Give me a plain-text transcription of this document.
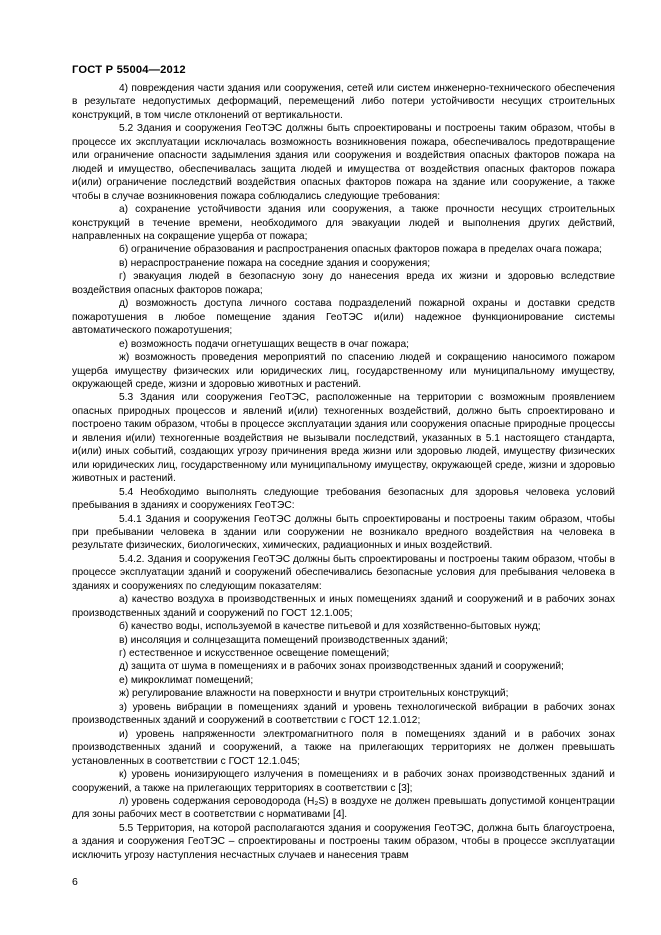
ГОСТ Р 55004—2012

4) повреждения части здания или сооружения, сетей или систем инженерно-технического обеспечения в результате недопустимых деформаций, перемещений либо потери устойчивости несущих строительных конструкций, в том числе отклонений от вертикальности.

5.2 Здания и сооружения ГеоТЭС должны быть спроектированы и построены таким образом, чтобы в процессе их эксплуатации исключалась возможность возникновения пожара, обеспечивалось предотвращение или ограничение опасности задымления здания или сооружения и воздействия опасных факторов пожара на людей и имущество, обеспечивалась защита людей и имущества от воздействия опасных факторов пожара и(или) ограничение последствий воздействия опасных факторов пожара на здание или сооружение, а также чтобы в случае возникновения пожара соблюдались следующие требования:

а) сохранение устойчивости здания или сооружения, а также прочности несущих строительных конструкций в течение времени, необходимого для эвакуации людей и выполнения других действий, направленных на сокращение ущерба от пожара;

б) ограничение образования и распространения опасных факторов пожара в пределах очага пожара;

в) нераспространение пожара на соседние здания и сооружения;

г) эвакуация людей в безопасную зону до нанесения вреда их жизни и здоровью вследствие воздействия опасных факторов пожара;

д) возможность доступа личного состава подразделений пожарной охраны и доставки средств пожаротушения в любое помещение здания ГеоТЭС и(или) надежное функционирование системы автоматического пожаротушения;

е) возможность подачи огнетушащих веществ в очаг пожара;

ж) возможность проведения мероприятий по спасению людей и сокращению наносимого пожаром ущерба имуществу физических или юридических лиц, государственному или муниципальному имуществу, окружающей среде, жизни и здоровью животных и растений.

5.3 Здания или сооружения ГеоТЭС, расположенные на территории с возможным проявлением опасных природных процессов и явлений и(или) техногенных воздействий, должно быть спроектировано и построено таким образом, чтобы в процессе эксплуатации здания или сооружения опасные природные процессы и явления и(или) техногенные воздействия не вызывали последствий, указанных в 5.1 настоящего стандарта, и(или) иных событий, создающих угрозу причинения вреда жизни или здоровью людей, имуществу физических или юридических лиц, государственному или муниципальному имуществу, окружающей среде, жизни и здоровью животных и растений.

5.4 Необходимо выполнять следующие требования безопасных для здоровья человека условий пребывания в зданиях и сооружениях ГеоТЭС:

5.4.1 Здания и сооружения ГеоТЭС должны быть спроектированы и построены таким образом, чтобы при пребывании человека в здании или сооружении не возникало вредного воздействия на человека в результате физических, биологических, химических, радиационных и иных воздействий.

5.4.2. Здания и сооружения ГеоТЭС должны быть спроектированы и построены таким образом, чтобы в процессе эксплуатации зданий и сооружений обеспечивались безопасные условия для пребывания человека в зданиях и сооружениях по следующим показателям:

а) качество воздуха в производственных и иных помещениях зданий и сооружений и в рабочих зонах производственных зданий и сооружений по ГОСТ 12.1.005;

б) качество воды, используемой в качестве питьевой и для хозяйственно-бытовых нужд;

в) инсоляция и солнцезащита помещений производственных зданий;

г) естественное и искусственное освещение помещений;

д) защита от шума в помещениях и в рабочих зонах производственных зданий и сооружений;

е) микроклимат помещений;

ж) регулирование влажности на поверхности и внутри строительных конструкций;

з) уровень вибрации в помещениях зданий и уровень технологической вибрации в рабочих зонах производственных зданий и сооружений в соответствии с ГОСТ 12.1.012;

и) уровень напряженности электромагнитного поля в помещениях зданий и в рабочих зонах производственных зданий и сооружений, а также на прилегающих территориях не должен превышать установленных в соответствии с ГОСТ 12.1.045;

к) уровень ионизирующего излучения в помещениях и в рабочих зонах производственных зданий и сооружений, а также на прилегающих территориях в соответствии с [3];

л) уровень содержания сероводорода (H₂S) в воздухе не должен превышать допустимой концентрации для зоны рабочих мест в соответствии с нормативами [4].

5.5 Территория, на которой располагаются здания и сооружения ГеоТЭС, должна быть благоустроена, а здания и сооружения ГеоТЭС – спроектированы и построены таким образом, чтобы в процессе эксплуатации исключить угрозу наступления несчастных случаев и нанесения травм

6
